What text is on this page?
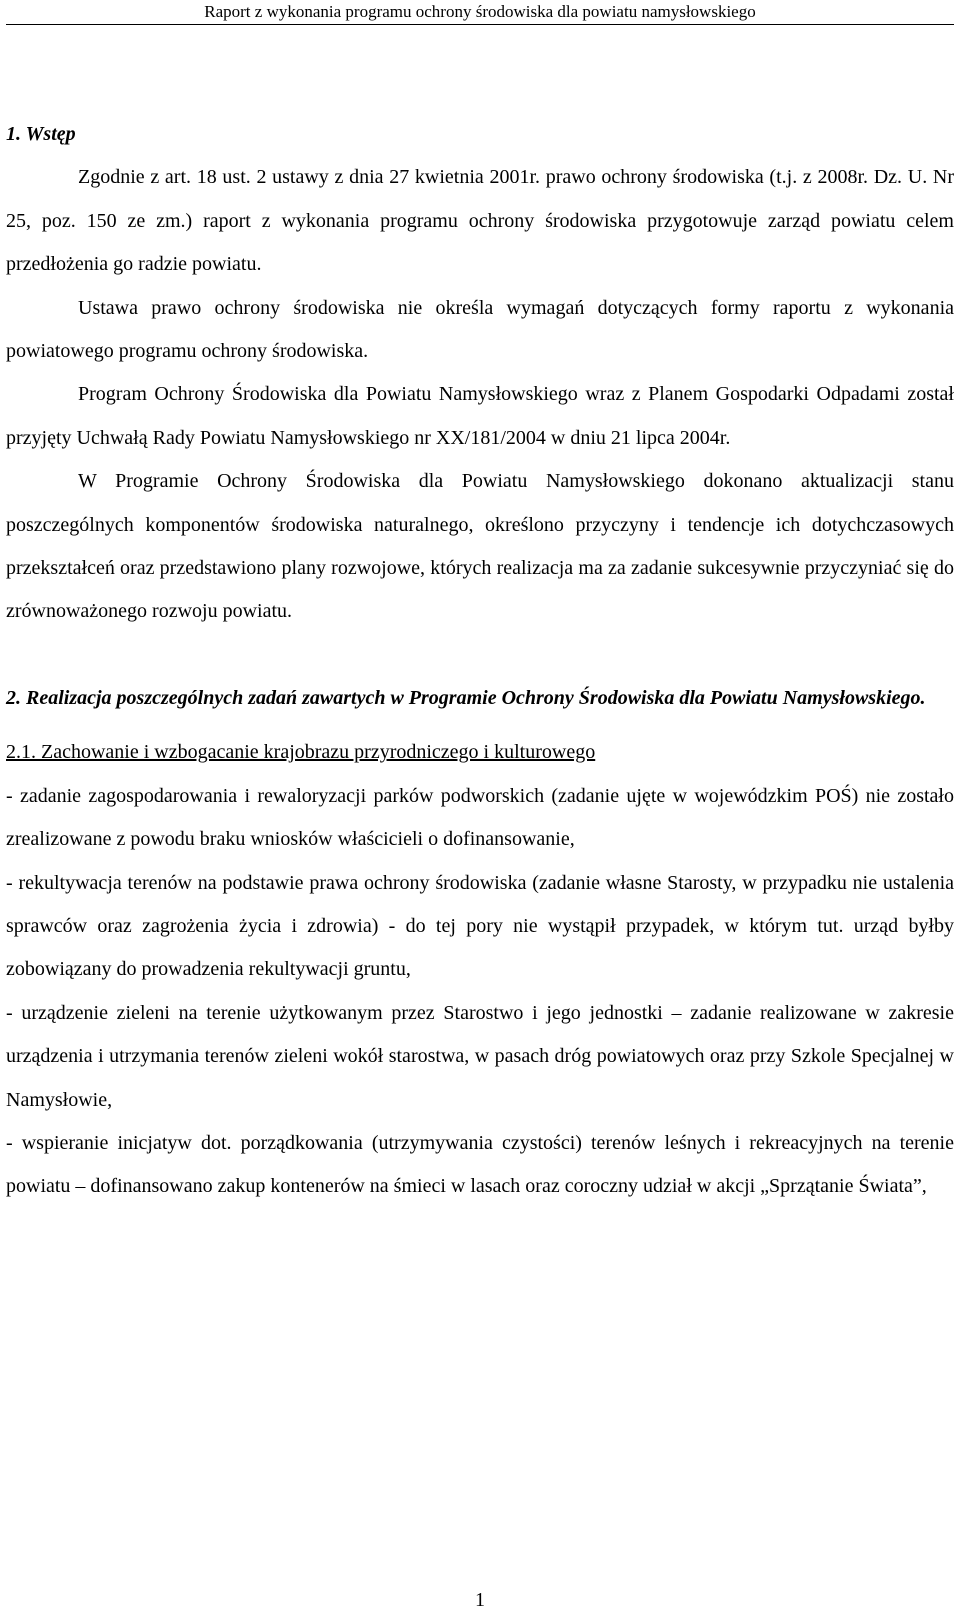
Raport z wykonania programu ochrony środowiska dla powiatu namysłowskiego

1. Wstęp

Zgodnie z art. 18 ust. 2 ustawy z dnia 27 kwietnia 2001r. prawo ochrony środowiska (t.j. z 2008r. Dz. U. Nr 25, poz. 150 ze zm.) raport z wykonania programu ochrony środowiska przygotowuje zarząd powiatu celem przedłożenia go radzie powiatu.

Ustawa prawo ochrony środowiska nie określa wymagań dotyczących formy raportu z wykonania powiatowego programu ochrony środowiska.

Program Ochrony Środowiska dla Powiatu Namysłowskiego wraz z Planem Gospodarki Odpadami został przyjęty Uchwałą Rady Powiatu Namysłowskiego nr XX/181/2004 w dniu 21 lipca 2004r.

W Programie Ochrony Środowiska dla Powiatu Namysłowskiego dokonano aktualizacji stanu poszczególnych komponentów środowiska naturalnego, określono przyczyny i tendencje ich dotychczasowych przekształceń oraz przedstawiono plany rozwojowe, których realizacja ma za zadanie sukcesywnie przyczyniać się do zrównoważonego rozwoju powiatu.

2. Realizacja poszczególnych zadań zawartych w Programie Ochrony Środowiska dla Powiatu Namysłowskiego.

2.1. Zachowanie i wzbogacanie krajobrazu przyrodniczego i kulturowego

- zadanie zagospodarowania i rewaloryzacji parków podworskich (zadanie ujęte w wojewódzkim POŚ) nie zostało zrealizowane z powodu braku wniosków właścicieli o dofinansowanie,

- rekultywacja terenów na podstawie prawa ochrony środowiska (zadanie własne Starosty, w przypadku nie ustalenia sprawców oraz zagrożenia życia i zdrowia) - do tej pory nie wystąpił przypadek, w którym tut. urząd byłby zobowiązany do prowadzenia rekultywacji gruntu,

- urządzenie zieleni na terenie użytkowanym przez Starostwo i jego jednostki – zadanie realizowane w zakresie urządzenia i utrzymania terenów zieleni wokół starostwa, w pasach dróg powiatowych oraz przy Szkole Specjalnej w Namysłowie,

- wspieranie inicjatyw dot. porządkowania (utrzymywania czystości) terenów leśnych i rekreacyjnych na terenie powiatu – dofinansowano zakup kontenerów na śmieci w lasach oraz coroczny udział w akcji „Sprzątanie Świata”,

1
